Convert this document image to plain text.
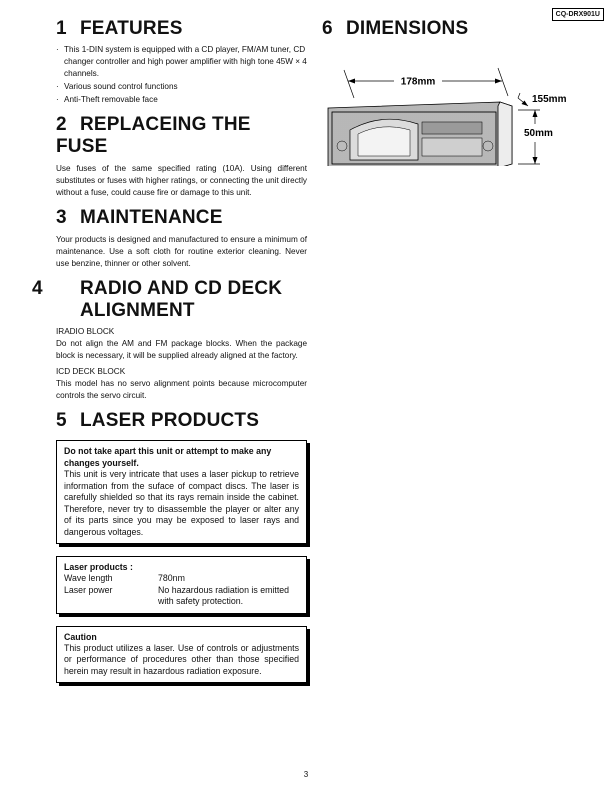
CQ-DRX901U
1 FEATURES
· This 1-DIN system is equipped with a CD player, FM/AM tuner, CD changer controller and high power amplifier with high tone 45W × 4 channels.
· Various sound control functions
· Anti-Theft removable face
2 REPLACEING THE FUSE

Use fuses of the same specified rating (10A). Using different substitutes or fuses with higher ratings, or connecting the unit directly without a fuse, could cause fire or damage to this unit.

3 MAINTENANCE

Your products is designed and manufactured to ensure a minimum of maintenance. Use a soft cloth for routine exterior cleaning. Never use benzine, thinner or other solvent.

4 RADIO AND CD DECK ALIGNMENT
IRADIO BLOCK

Do not align the AM and FM package blocks. When the package block is necessary, it will be supplied already aligned at the factory.

ICD DECK BLOCK

This model has no servo alignment points because microcomputer controls the servo circuit.

5 LASER PRODUCTS
Do not take apart this unit or attempt to make any changes yourself.

This unit is very intricate that uses a laser pickup to retrieve information from the suface of compact discs. The laser is carefully shielded so that its rays remain inside the cabinet. Therefore, never try to disassemble the player or alter any of its parts since you may be exposed to laser rays and dangerous voltages.

Laser products :
Wave length	780nm
Laser power	No hazardous radiation is emitted with safety protection.
Caution

This product utilizes a laser. Use of controls or adjustments or performance of procedures other than those specified herein may result in hazardous radiation exposure.

6 DIMENSIONS
178mm
155mm
50mm
3
